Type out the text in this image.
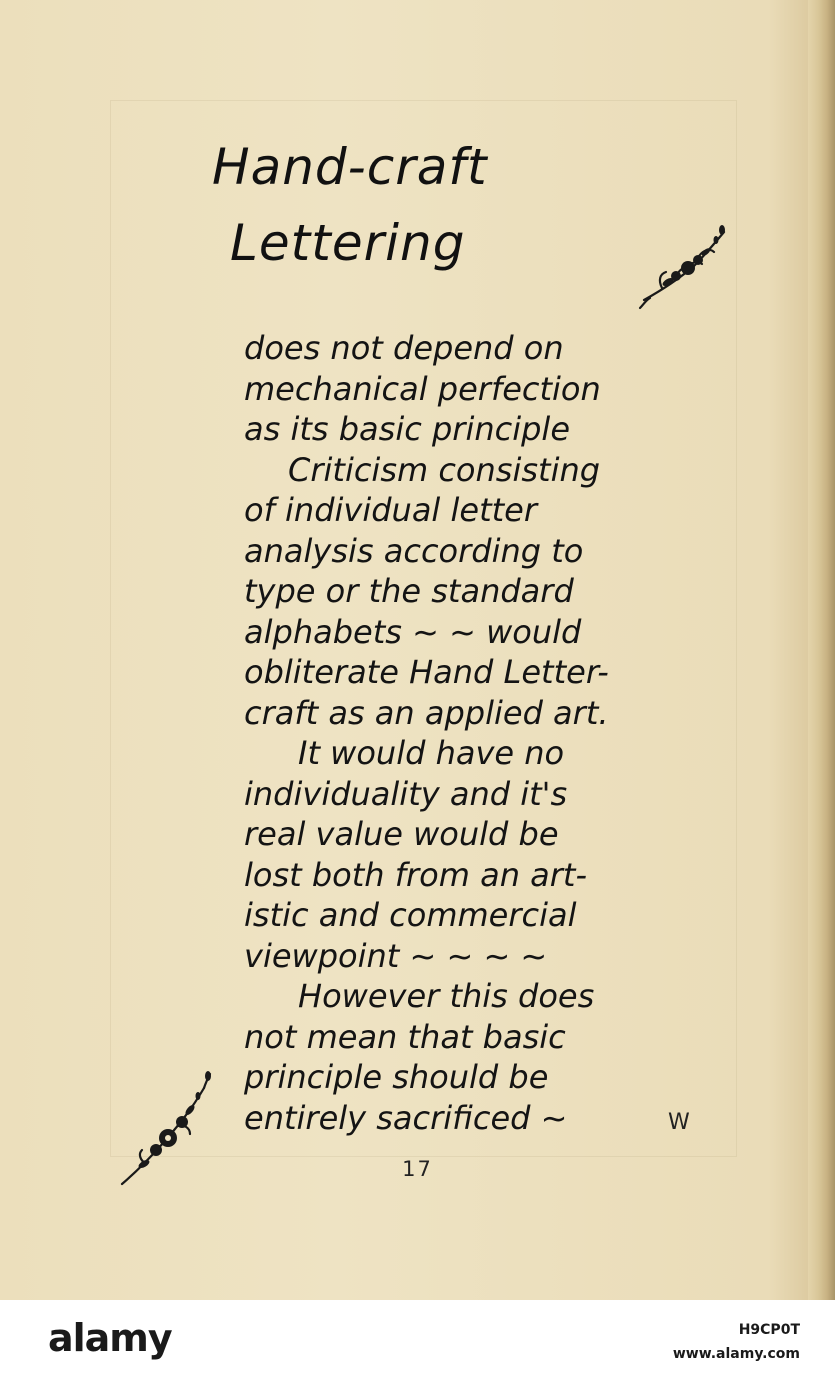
Hand-craft
Lettering
does not depend on
mechanical perfection
as its basic principle
Criticism consisting
of individual letter
analysis according to
type or the standard
alphabets ~ ~ would
obliterate Hand Letter-
craft as an applied art.
It would have no
individuality and it's
real value would be
lost both from an art-
istic and commercial
viewpoint ~ ~ ~ ~
However this does
not mean that basic
principle should be
entirely sacrificed ~	W
17
alamy	H9CP0T
www.alamy.com
